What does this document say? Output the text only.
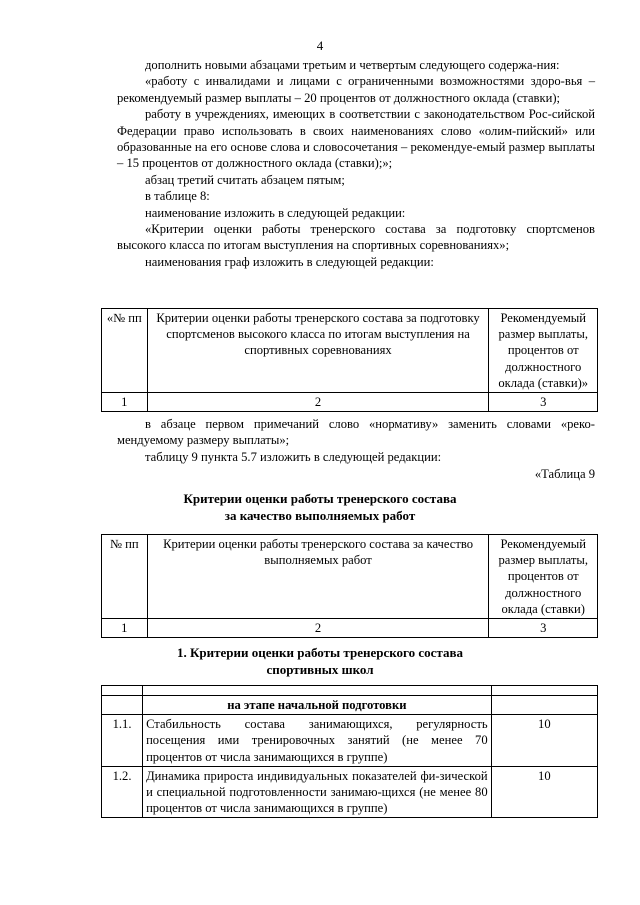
4

дополнить новыми абзацами третьим и четвертым следующего содержа-ния:

«работу с инвалидами и лицами с ограниченными возможностями здоро-вья – рекомендуемый размер выплаты – 20 процентов от должностного оклада (ставки);

работу в учреждениях, имеющих в соответствии с законодательством Рос-сийской Федерации право использовать в своих наименованиях слово «олим-пийский» или образованные на его основе слова и словосочетания – рекомендуе-емый размер выплаты – 15 процентов от должностного оклада (ставки);»;

абзац третий считать абзацем пятым;

в таблице 8:

наименование изложить в следующей редакции:

«Критерии оценки работы тренерского состава за подготовку спортсменов высокого класса по итогам выступления на спортивных соревнованиях»;

наименования граф изложить в следующей редакции:

«№ пп	Критерии оценки работы тренерского состава за подготовку спортсменов высокого класса по итогам выступления на спортивных соревнованиях	Рекомендуемый размер выплаты, процентов от должностного оклада (ставки)»
1	2	3

в абзаце первом примечаний слово «нормативу» заменить словами «реко-мендуемому размеру выплаты»;

таблицу 9 пункта 5.7 изложить в следующей редакции:

«Таблица 9
Критерии оценки работы тренерского состава
за качество выполняемых работ
№ пп	Критерии оценки работы тренерского состава за качество выполняемых работ	Рекомендуемый размер выплаты, процентов от должностного оклада (ставки)
1	2	3
1. Критерии оценки работы тренерского состава
спортивных школ

	на этапе начальной подготовки	
1.1.	Стабильность состава занимающихся, регулярность посещения ими тренировочных занятий (не менее 70 процентов от числа занимающихся в группе)	10
1.2.	Динамика прироста индивидуальных показателей фи-зической и специальной подготовленности занимаю-щихся (не менее 80 процентов от числа занимающихся в группе)	10
